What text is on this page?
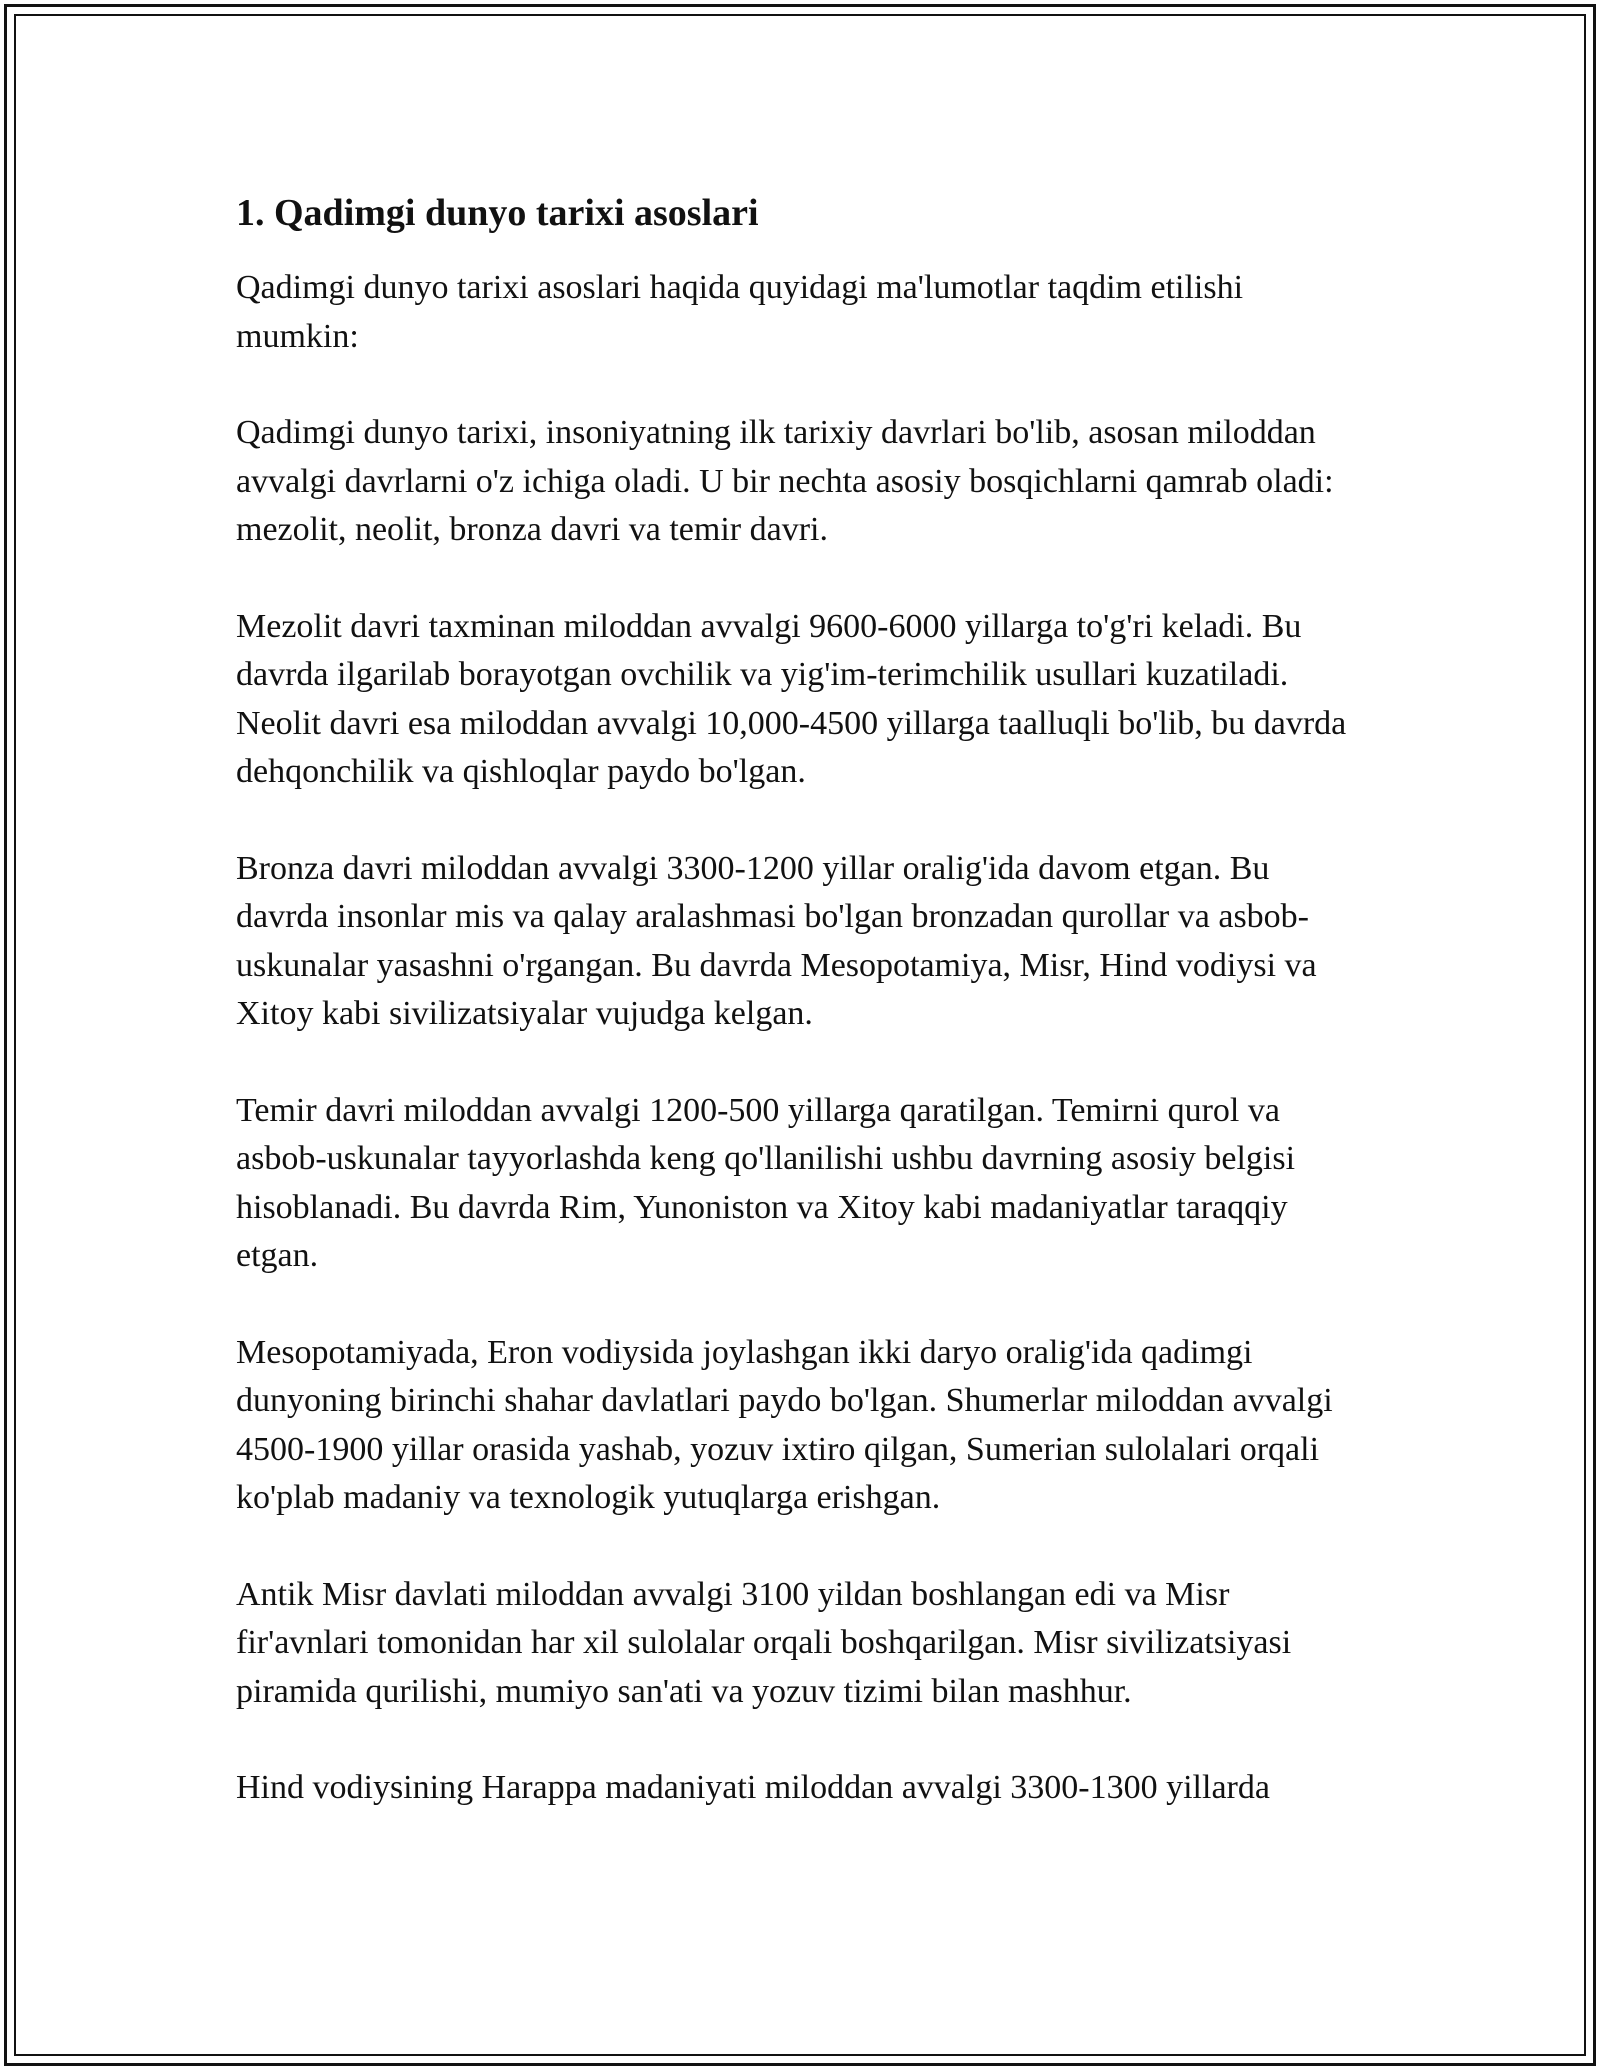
1. Qadimgi dunyo tarixi asoslari

Qadimgi dunyo tarixi asoslari haqida quyidagi ma'lumotlar taqdim etilishi mumkin:

Qadimgi dunyo tarixi, insoniyatning ilk tarixiy davrlari bo'lib, asosan miloddan avvalgi davrlarni o'z ichiga oladi. U bir nechta asosiy bosqichlarni qamrab oladi: mezolit, neolit, bronza davri va temir davri.

Mezolit davri taxminan miloddan avvalgi 9600-6000 yillarga to'g'ri keladi. Bu davrda ilgarilab borayotgan ovchilik va yig'im-terimchilik usullari kuzatiladi. Neolit davri esa miloddan avvalgi 10,000-4500 yillarga taalluqli bo'lib, bu davrda dehqonchilik va qishloqlar paydo bo'lgan.

Bronza davri miloddan avvalgi 3300-1200 yillar oralig'ida davom etgan. Bu davrda insonlar mis va qalay aralashmasi bo'lgan bronzadan qurollar va asbob-uskunalar yasashni o'rgangan. Bu davrda Mesopotamiya, Misr, Hind vodiysi va Xitoy kabi sivilizatsiyalar vujudga kelgan.

Temir davri miloddan avvalgi 1200-500 yillarga qaratilgan. Temirni qurol va asbob-uskunalar tayyorlashda keng qo'llanilishi ushbu davrning asosiy belgisi hisoblanadi. Bu davrda Rim, Yunoniston va Xitoy kabi madaniyatlar taraqqiy etgan.

Mesopotamiyada, Eron vodiysida joylashgan ikki daryo oralig'ida qadimgi dunyoning birinchi shahar davlatlari paydo bo'lgan. Shumerlar miloddan avvalgi 4500-1900 yillar orasida yashab, yozuv ixtiro qilgan, Sumerian sulolalari orqali ko'plab madaniy va texnologik yutuqlarga erishgan.

Antik Misr davlati miloddan avvalgi 3100 yildan boshlangan edi va Misr fir'avnlari tomonidan har xil sulolalar orqali boshqarilgan. Misr sivilizatsiyasi piramida qurilishi, mumiyo san'ati va yozuv tizimi bilan mashhur.

Hind vodiysining Harappa madaniyati miloddan avvalgi 3300-1300 yillarda
